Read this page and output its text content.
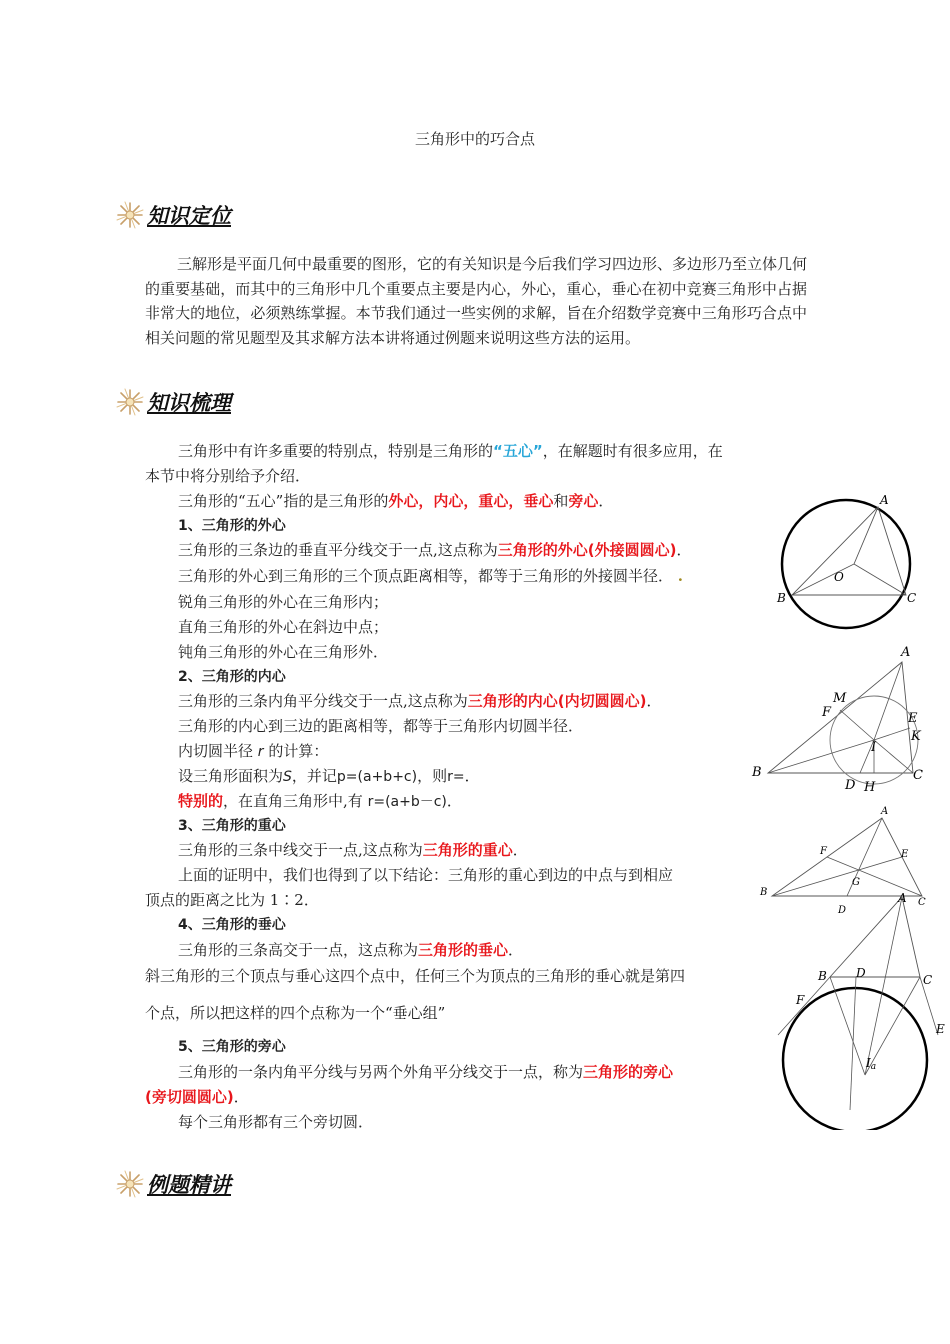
三角形中的巧合点
知识定位
三解形是平面几何中最重要的图形，它的有关知识是今后我们学习四边形、多边形乃至立体几何的重要基础，而其中的三角形中几个重要点主要是内心，外心，重心，垂心在初中竞赛三角形中占据非常大的地位，必须熟练掌握。本节我们通过一些实例的求解，旨在介绍数学竞赛中三角形巧合点中相关问题的常见题型及其求解方法本讲将通过例题来说明这些方法的运用。
知识梳理
三角形中有许多重要的特别点，特别是三角形的“五心”，在解题时有很多应用，在
本节中将分别给予介绍．
三角形的“五心”指的是三角形的外心，内心，重心，垂心和旁心．
1、三角形的外心
三角形的三条边的垂直平分线交于一点,这点称为三角形的外心(外接圆圆心)．
三角形的外心到三角形的三个顶点距离相等，都等于三角形的外接圆半径． .
锐角三角形的外心在三角形内；
直角三角形的外心在斜边中点；
钝角三角形的外心在三角形外．
2、三角形的内心
三角形的三条内角平分线交于一点,这点称为三角形的内心(内切圆圆心)．
三角形的内心到三边的距离相等，都等于三角形内切圆半径．
内切圆半径 r 的计算：
设三角形面积为S，并记p=(a+b+c)，则r=．
特别的，在直角三角形中,有 r=(a+b－c)．
3、三角形的重心
三角形的三条中线交于一点,这点称为三角形的重心．
上面的证明中，我们也得到了以下结论：三角形的重心到边的中点与到相应
顶点的距离之比为 1∶2．
4、三角形的垂心
三角形的三条高交于一点，这点称为三角形的垂心．
斜三角形的三个顶点与垂心这四个点中，任何三个为顶点的三角形的垂心就是第四
个点，所以把这样的四个点称为一个“垂心组”
5、三角形的旁心
三角形的一条内角平分线与另两个外角平分线交于一点，称为三角形的旁心
(旁切圆圆心)．
每个三角形都有三个旁切圆．
例题精讲
A
B	C
O
A
M
F	E
K
I
B	C
D H
A
F	E
G
B
D
C
A
B D	C
F
E
Ia
